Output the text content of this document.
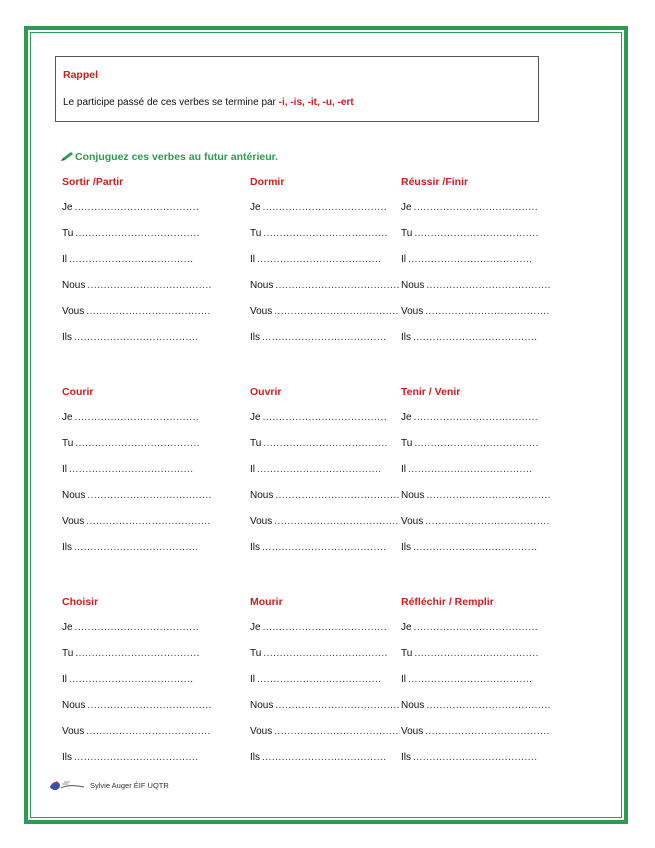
Rappel
Le participe passé de ces verbes se termine par -i, -is, -it, -u, -ert
Conjuguez ces verbes au futur antérieur.
Sortir /Partir
Je ......................................
Tu ......................................
Il ......................................
Nous ......................................
Vous ......................................
Ils ......................................
Dormir
Je ......................................
Tu ......................................
Il ......................................
Nous ......................................
Vous ......................................
Ils ......................................
Réussir /Finir
Je ......................................
Tu ......................................
Il ......................................
Nous ......................................
Vous ......................................
Ils ......................................
Courir
Je ......................................
Tu ......................................
Il ......................................
Nous ......................................
Vous ......................................
Ils ......................................
Ouvrir
Je ......................................
Tu ......................................
Il ......................................
Nous ......................................
Vous ......................................
Ils ......................................
Tenir / Venir
Je ......................................
Tu ......................................
Il ......................................
Nous ......................................
Vous ......................................
Ils ......................................
Choisir
Je ......................................
Tu ......................................
Il ......................................
Nous ......................................
Vous ......................................
Ils ......................................
Mourir
Je ......................................
Tu ......................................
Il ......................................
Nous ......................................
Vous ......................................
Ils ......................................
Réfléchir / Remplir
Je ......................................
Tu ......................................
Il ......................................
Nous ......................................
Vous ......................................
Ils ......................................
Sylvie Auger ÉIF UQTR
